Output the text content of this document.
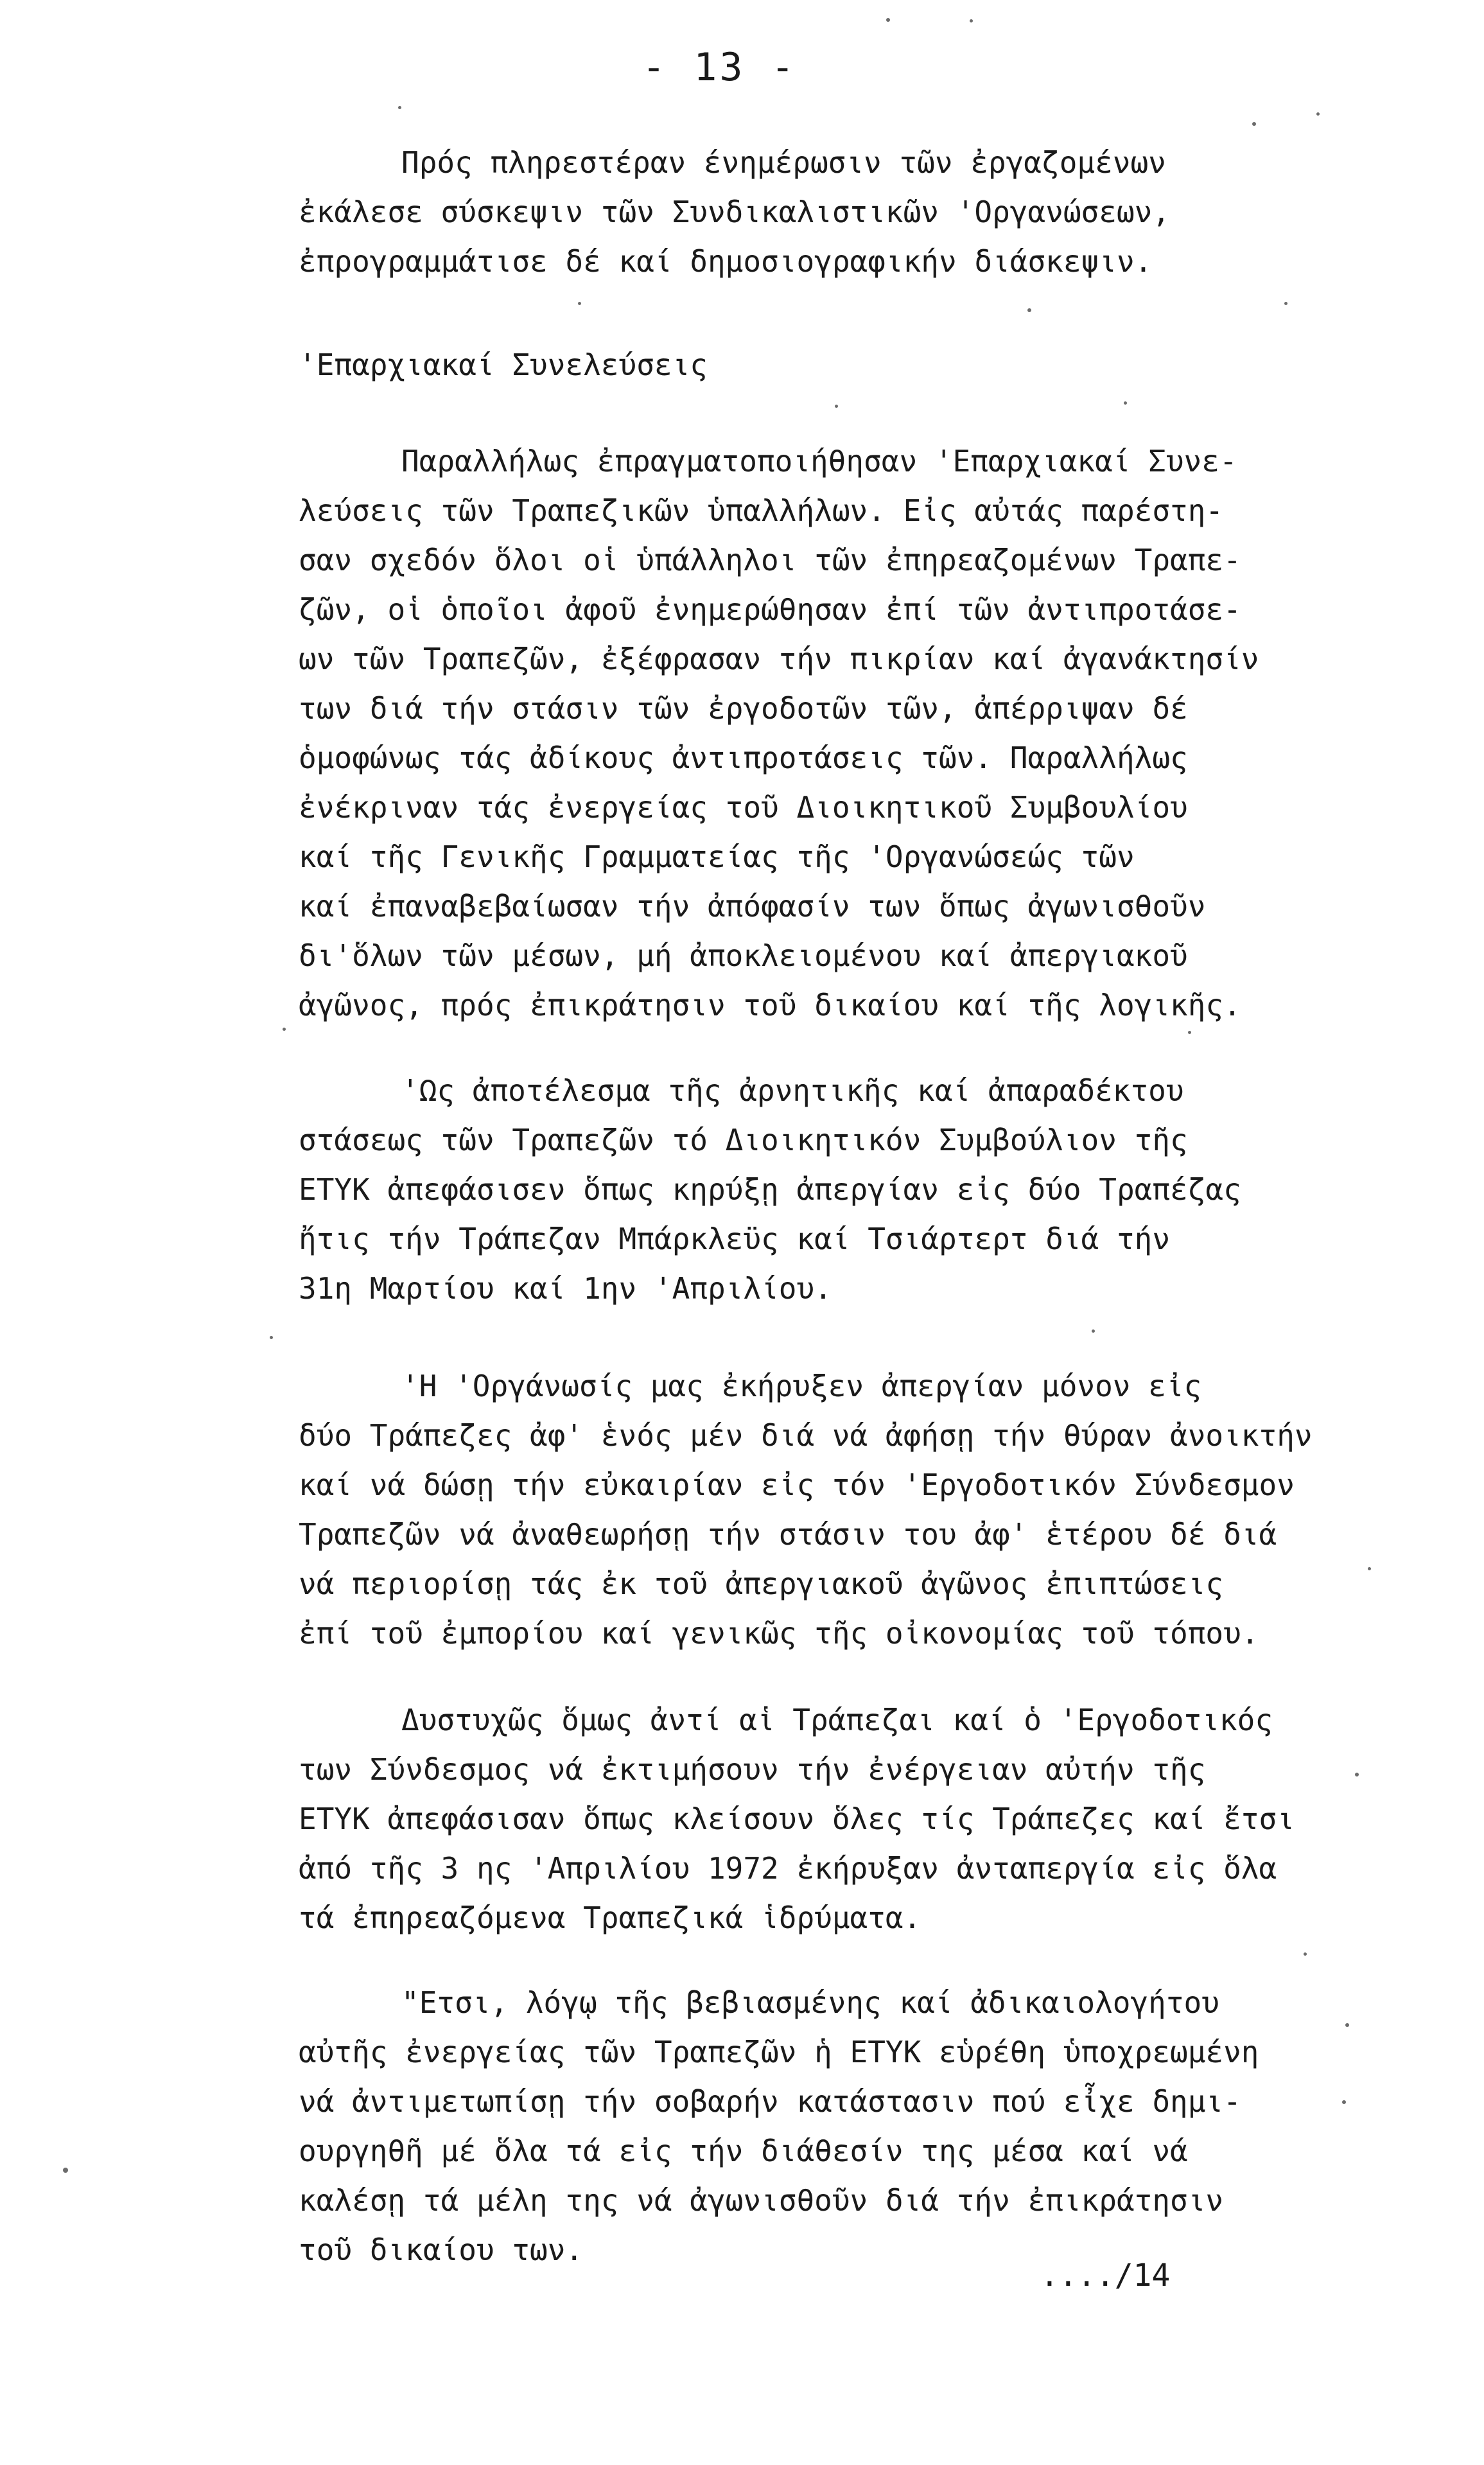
- 13 -
Πρός πληρεστέραν ένημέρωσιν τῶν ἐργαζομένων
ἐκάλεσε σύσκεψιν τῶν Συνδικαλιστικῶν 'Οργανώσεων,
ἐπρογραμμάτισε δέ καί δημοσιογραφικήν διάσκεψιν.
'Επαρχιακαί Συνελεύσεις
Παραλλήλως ἐπραγματοποιήθησαν 'Επαρχιακαί Συνε-
λεύσεις τῶν Τραπεζικῶν ὑπαλλήλων. Εἰς αὐτάς παρέστη-
σαν σχεδόν ὅλοι οἱ ὑπάλληλοι τῶν ἐπηρεαζομένων Τραπε-
ζῶν, οἱ ὁποῖοι ἀφοῦ ἐνημερώθησαν ἐπί τῶν ἀντιπροτάσε-
ων τῶν Τραπεζῶν, ἐξέφρασαν τήν πικρίαν καί ἀγανάκτησίν
των διά τήν στάσιν τῶν ἐργοδοτῶν τῶν, ἀπέρριψαν δέ
ὁμοφώνως τάς ἀδίκους ἀντιπροτάσεις τῶν. Παραλλήλως
ἐνέκριναν τάς ἐνεργείας τοῦ Διοικητικοῦ Συμβουλίου
καί τῆς Γενικῆς Γραμματείας τῆς 'Οργανώσεώς τῶν
καί ἐπαναβεβαίωσαν τήν ἀπόφασίν των ὅπως ἀγωνισθοῦν
δι'ὅλων τῶν μέσων, μή ἀποκλειομένου καί ἀπεργιακοῦ
ἀγῶνος, πρός ἐπικράτησιν τοῦ δικαίου καί τῆς λογικῆς.
'Ως ἀποτέλεσμα τῆς ἀρνητικῆς καί ἀπαραδέκτου
στάσεως τῶν Τραπεζῶν τό Διοικητικόν Συμβούλιον τῆς
ΕΤΥΚ ἀπεφάσισεν ὅπως κηρύξῃ ἀπεργίαν εἰς δύο Τραπέζας
ἤτις τήν Τράπεζαν Μπάρκλεϋς καί Τσιάρτερτ διά τήν
31η Μαρτίου καί 1ην 'Απριλίου.
'Η 'Οργάνωσίς μας ἐκήρυξεν ἀπεργίαν μόνον εἰς
δύο Τράπεζες ἀφ' ἑνός μέν διά νά ἀφήσῃ τήν θύραν ἀνοικτήν
καί νά δώσῃ τήν εὐκαιρίαν εἰς τόν 'Εργοδοτικόν Σύνδεσμον
Τραπεζῶν νά ἀναθεωρήσῃ τήν στάσιν του ἀφ' ἑτέρου δέ διά
νά περιορίσῃ τάς ἐκ τοῦ ἀπεργιακοῦ ἀγῶνος ἐπιπτώσεις
ἐπί τοῦ ἐμπορίου καί γενικῶς τῆς οἰκονομίας τοῦ τόπου.
Δυστυχῶς ὅμως ἀντί αἱ Τράπεζαι καί ὁ 'Εργοδοτικός
των Σύνδεσμος νά ἐκτιμήσουν τήν ἐνέργειαν αὐτήν τῆς
ΕΤΥΚ ἀπεφάσισαν ὅπως κλείσουν ὅλες τίς Τράπεζες καί ἔτσι
ἀπό τῆς 3 ης 'Απριλίου 1972 ἐκήρυξαν ἀνταπεργία εἰς ὅλα
τά ἐπηρεαζόμενα Τραπεζικά ἱδρύματα.
"Ετσι, λόγῳ τῆς βεβιασμένης καί ἀδικαιολογήτου
αὐτῆς ἐνεργείας τῶν Τραπεζῶν ἡ ΕΤΥΚ εὑρέθη ὑποχρεωμένη
νά ἀντιμετωπίσῃ τήν σοβαρήν κατάστασιν πού εἶχε δημι-
ουργηθῆ μέ ὅλα τά εἰς τήν διάθεσίν της μέσα καί νά
καλέσῃ τά μέλη της νά ἀγωνισθοῦν διά τήν ἐπικράτησιν
τοῦ δικαίου των.
..../14
